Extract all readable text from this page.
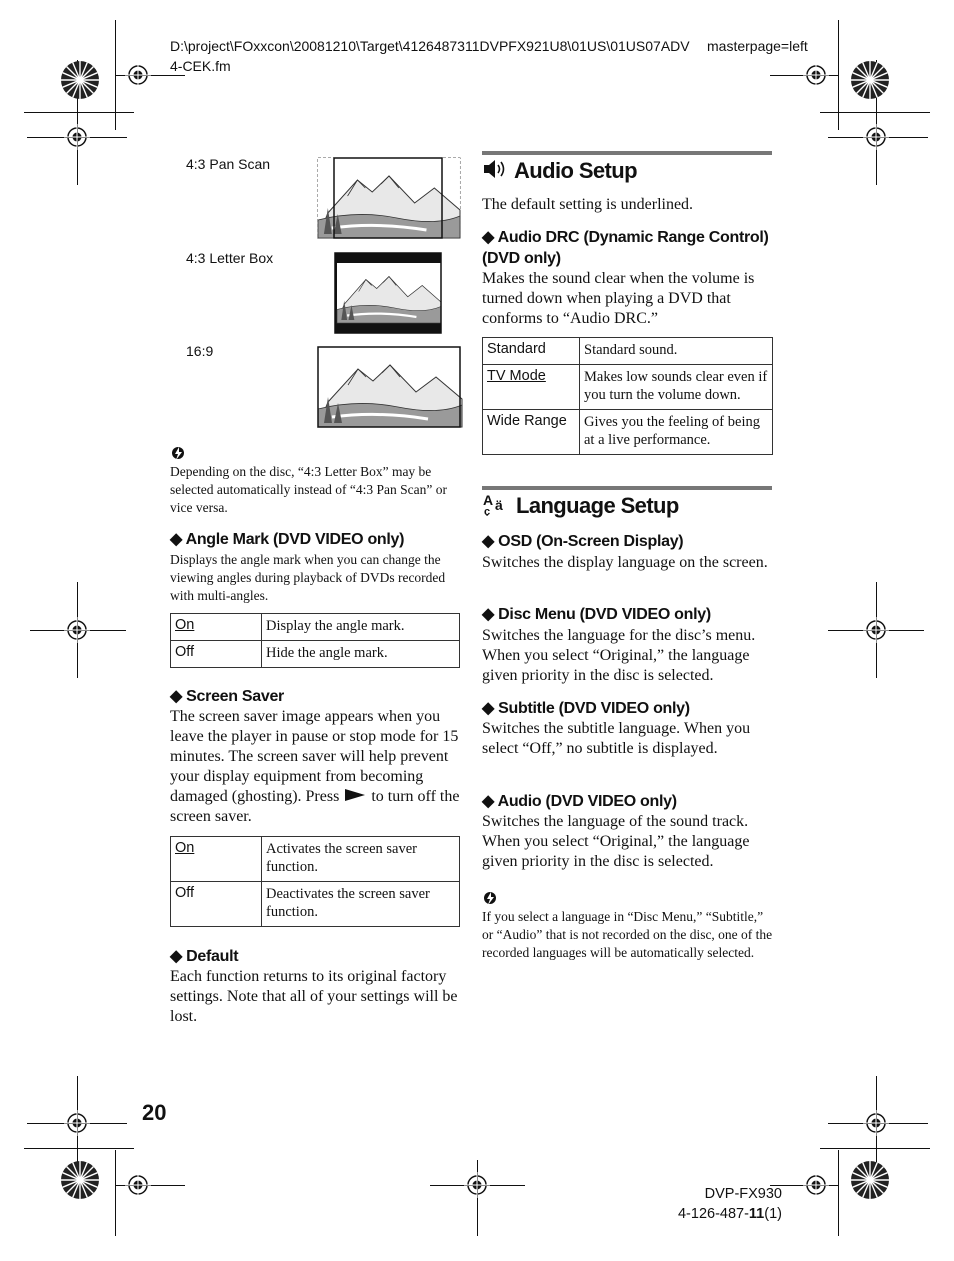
D:\project\FOxxcon\20081210\Target\4126487311DVPFX921U8\01US\01US07ADV
4-CEK.fm
masterpage=left
4:3 Pan Scan
4:3 Letter Box
16:9
Depending on the disc, “4:3 Letter Box” may be selected automatically instead of “4:3 Pan Scan” or vice versa.
◆ Angle Mark (DVD VIDEO only)
Displays the angle mark when you can change the viewing angles during playback of DVDs recorded with multi-angles.
On	Display the angle mark.
Off	Hide the angle mark.
◆ Screen Saver
The screen saver image appears when you leave the player in pause or stop mode for 15 minutes. The screen saver will help prevent your display equipment from becoming damaged (ghosting). Press to turn off the screen saver.
On	Activates the screen saver function.
Off	Deactivates the screen saver function.
◆ Default
Each function returns to its original factory settings. Note that all of your settings will be lost.
Audio Setup
The default setting is underlined.
◆ Audio DRC (Dynamic Range Control)
(DVD only)
Makes the sound clear when the volume is turned down when playing a DVD that conforms to “Audio DRC.”
Standard	Standard sound.
TV Mode	Makes low sounds clear even if you turn the volume down.
Wide Range	Gives you the feeling of being at a live performance.
A ä
ç Language Setup
◆ OSD (On-Screen Display)
Switches the display language on the screen.
◆ Disc Menu (DVD VIDEO only)
Switches the language for the disc’s menu. When you select “Original,” the language given priority in the disc is selected.
◆ Subtitle (DVD VIDEO only)
Switches the subtitle language. When you select “Off,” no subtitle is displayed.
◆ Audio (DVD VIDEO only)
Switches the language of the sound track. When you select “Original,” the language given priority in the disc is selected.
If you select a language in “Disc Menu,” “Subtitle,” or “Audio” that is not recorded on the disc, one of the recorded languages will be automatically selected.
20
DVP-FX930
4-126-487-11(1)
